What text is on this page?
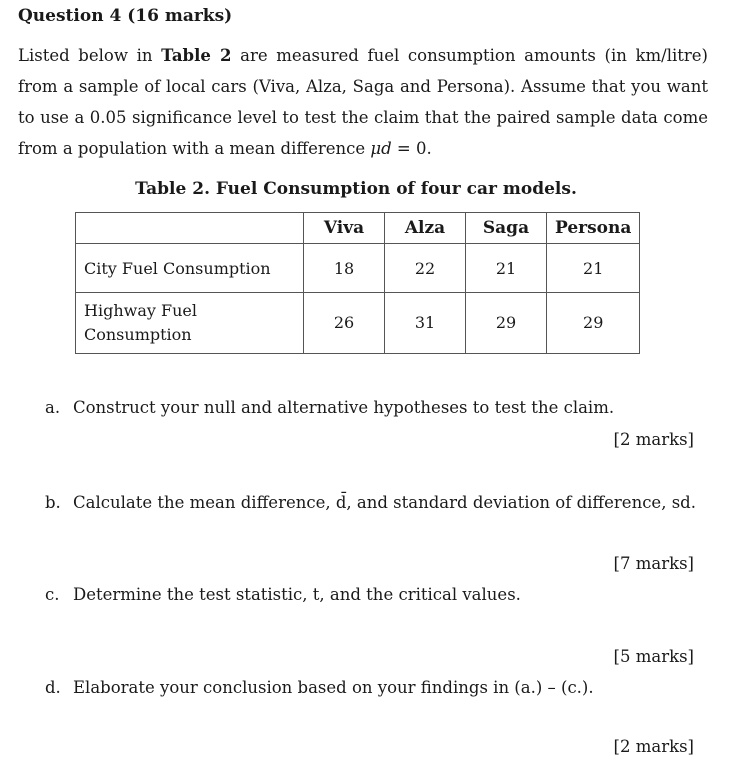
Question 4 (16 marks)
Listed below in Table 2 are measured fuel consumption amounts (in km/litre) from a sample of local cars (Viva, Alza, Saga and Persona). Assume that you want to use a 0.05 significance level to test the claim that the paired sample data come from a population with a mean difference μd = 0.
Table 2. Fuel Consumption of four car models.
	Viva	Alza	Saga	Persona
City Fuel Consumption	18	22	21	21
Highway Fuel Consumption	26	31	29	29
a. Construct your null and alternative hypotheses to test the claim.
[2 marks]
b. Calculate the mean difference, d̄, and standard deviation of difference, sd.
[7 marks]
c. Determine the test statistic, t, and the critical values.
[5 marks]
d. Elaborate your conclusion based on your findings in (a.) – (c.).
[2 marks]
